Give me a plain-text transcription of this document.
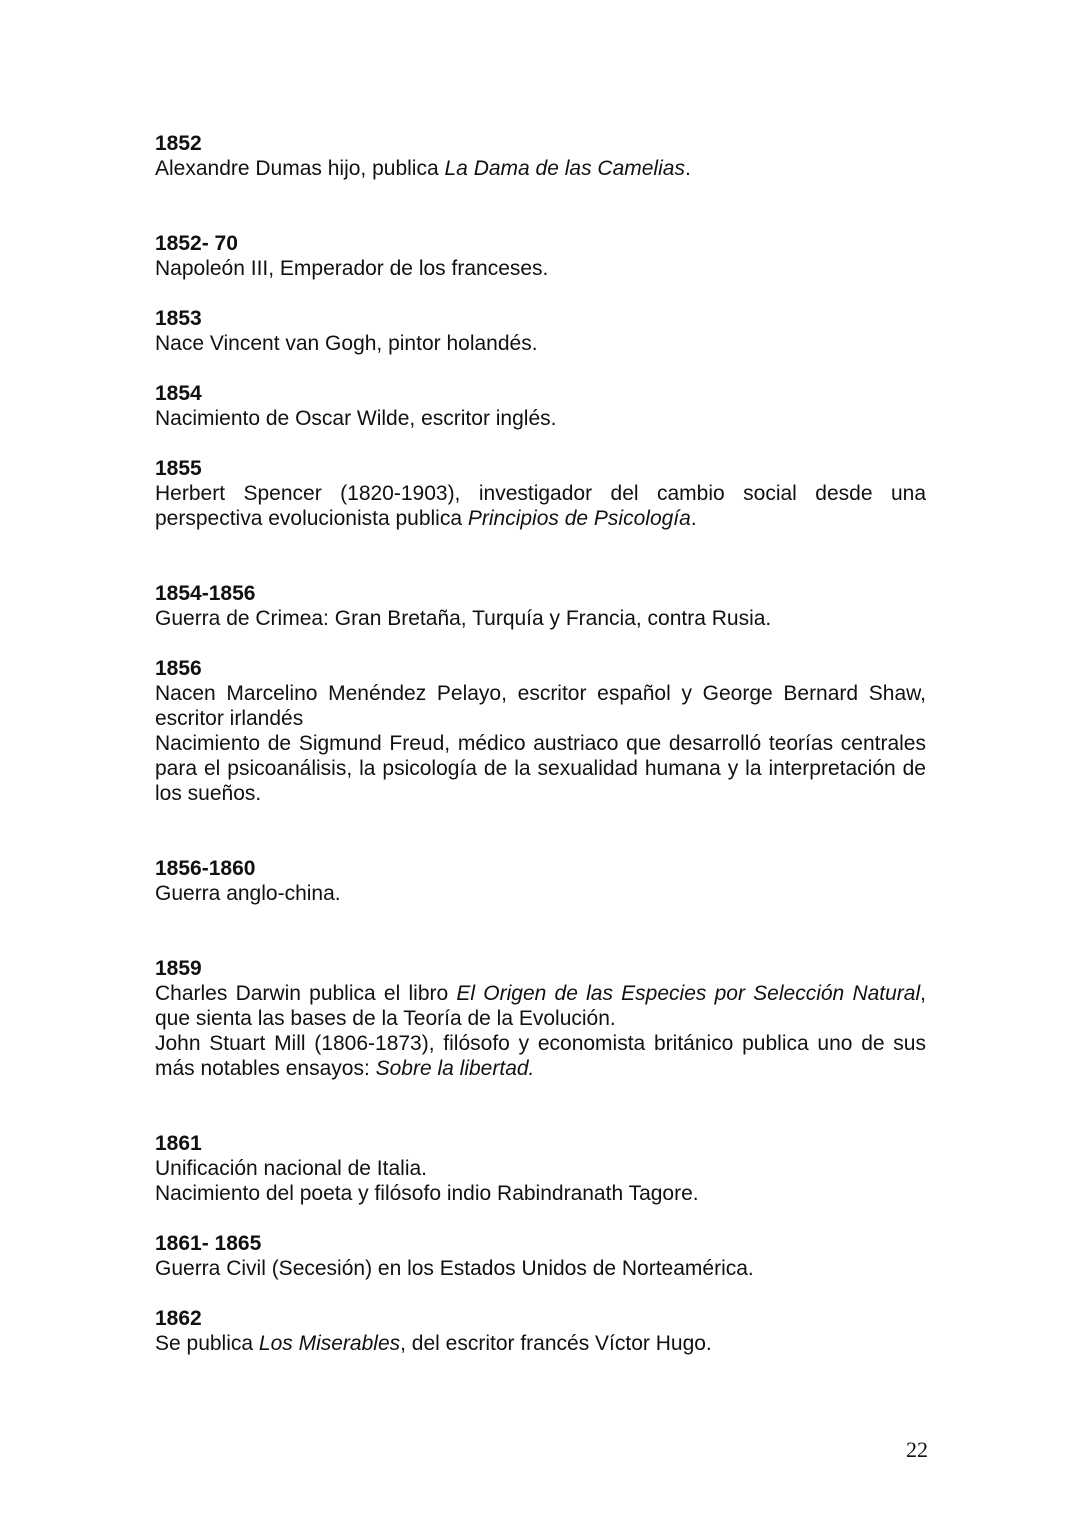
1852
Alexandre Dumas hijo, publica La Dama de las Camelias.
1852- 70
Napoleón III, Emperador de los franceses.
1853
Nace Vincent van Gogh, pintor holandés.
1854
Nacimiento de Oscar Wilde, escritor inglés.
1855
Herbert Spencer (1820-1903), investigador del cambio social desde una perspectiva evolucionista publica Principios de Psicología.
1854-1856
Guerra de Crimea: Gran Bretaña, Turquía y Francia, contra Rusia.
1856
Nacen Marcelino Menéndez Pelayo, escritor español y George Bernard Shaw, escritor irlandés
Nacimiento de Sigmund Freud, médico austriaco que desarrolló teorías centrales para el psicoanálisis, la psicología de la sexualidad humana y la interpretación de los sueños.
1856-1860
Guerra anglo-china.
1859
Charles Darwin publica el libro El Origen de las Especies por Selección Natural, que sienta las bases de la Teoría de la Evolución.
John Stuart Mill (1806-1873), filósofo y economista británico publica uno de sus más notables ensayos: Sobre la libertad.
1861
Unificación nacional de Italia.
Nacimiento del poeta y filósofo indio Rabindranath Tagore.
1861- 1865
Guerra Civil (Secesión) en los Estados Unidos de Norteamérica.
1862
Se publica Los Miserables, del escritor francés Víctor Hugo.
22
